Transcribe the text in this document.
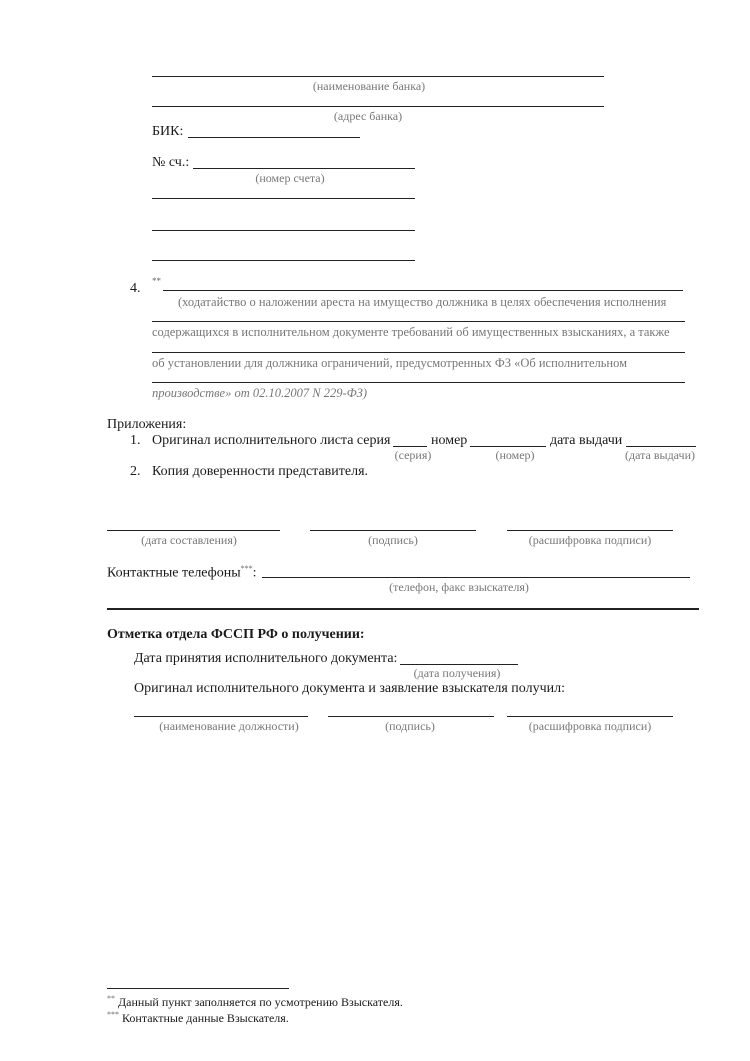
(наименование банка)
(адрес банка)
БИК:
№ сч.:
(номер счета)
4. **
(ходатайство о наложении ареста на имущество должника в целях обеспечения исполнения
содержащихся в исполнительном документе требований об имущественных взысканиях, а также
об установлении для должника ограничений, предусмотренных ФЗ «Об исполнительном
производстве» от 02.10.2007 N 229-ФЗ)
Приложения:
1. Оригинал исполнительного листа серия	номер	дата выдачи
(серия)	(номер)	(дата выдачи)
2. Копия доверенности представителя.
(дата составления)	(подпись)	(расшифровка подписи)
Контактные телефоны***:
(телефон, факс взыскателя)
Отметка отдела ФССП РФ о получении:
Дата принятия исполнительного документа:
(дата получения)
Оригинал исполнительного документа и заявление взыскателя получил:
(наименование должности)	(подпись)	(расшифровка подписи)
** Данный пункт заполняется по усмотрению Взыскателя.
*** Контактные данные Взыскателя.
